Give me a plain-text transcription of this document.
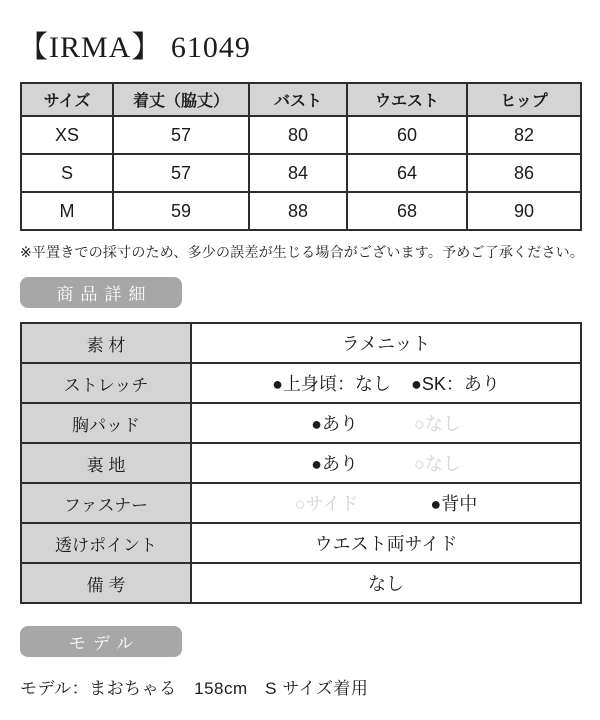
【IRMA】 61049
サイズ	着丈（脇丈）	バスト	ウエスト	ヒップ
XS	57	80	60	82
S	57	84	64	86
M	59	88	68	90
※平置きでの採寸のため、多少の誤差が生じる場合がございます。予めご了承ください。
商品詳細
素 材	ラメニット
ストレッチ	●上身頃：なし ●SK：あり

胸パッド	●あり ○なし

裏 地	●あり ○なし

ファスナー	○サイド ●背中

透けポイント	ウエスト両サイド
備 考	なし
モデル
モデル：まおちゃる　158cm　S サイズ着用
